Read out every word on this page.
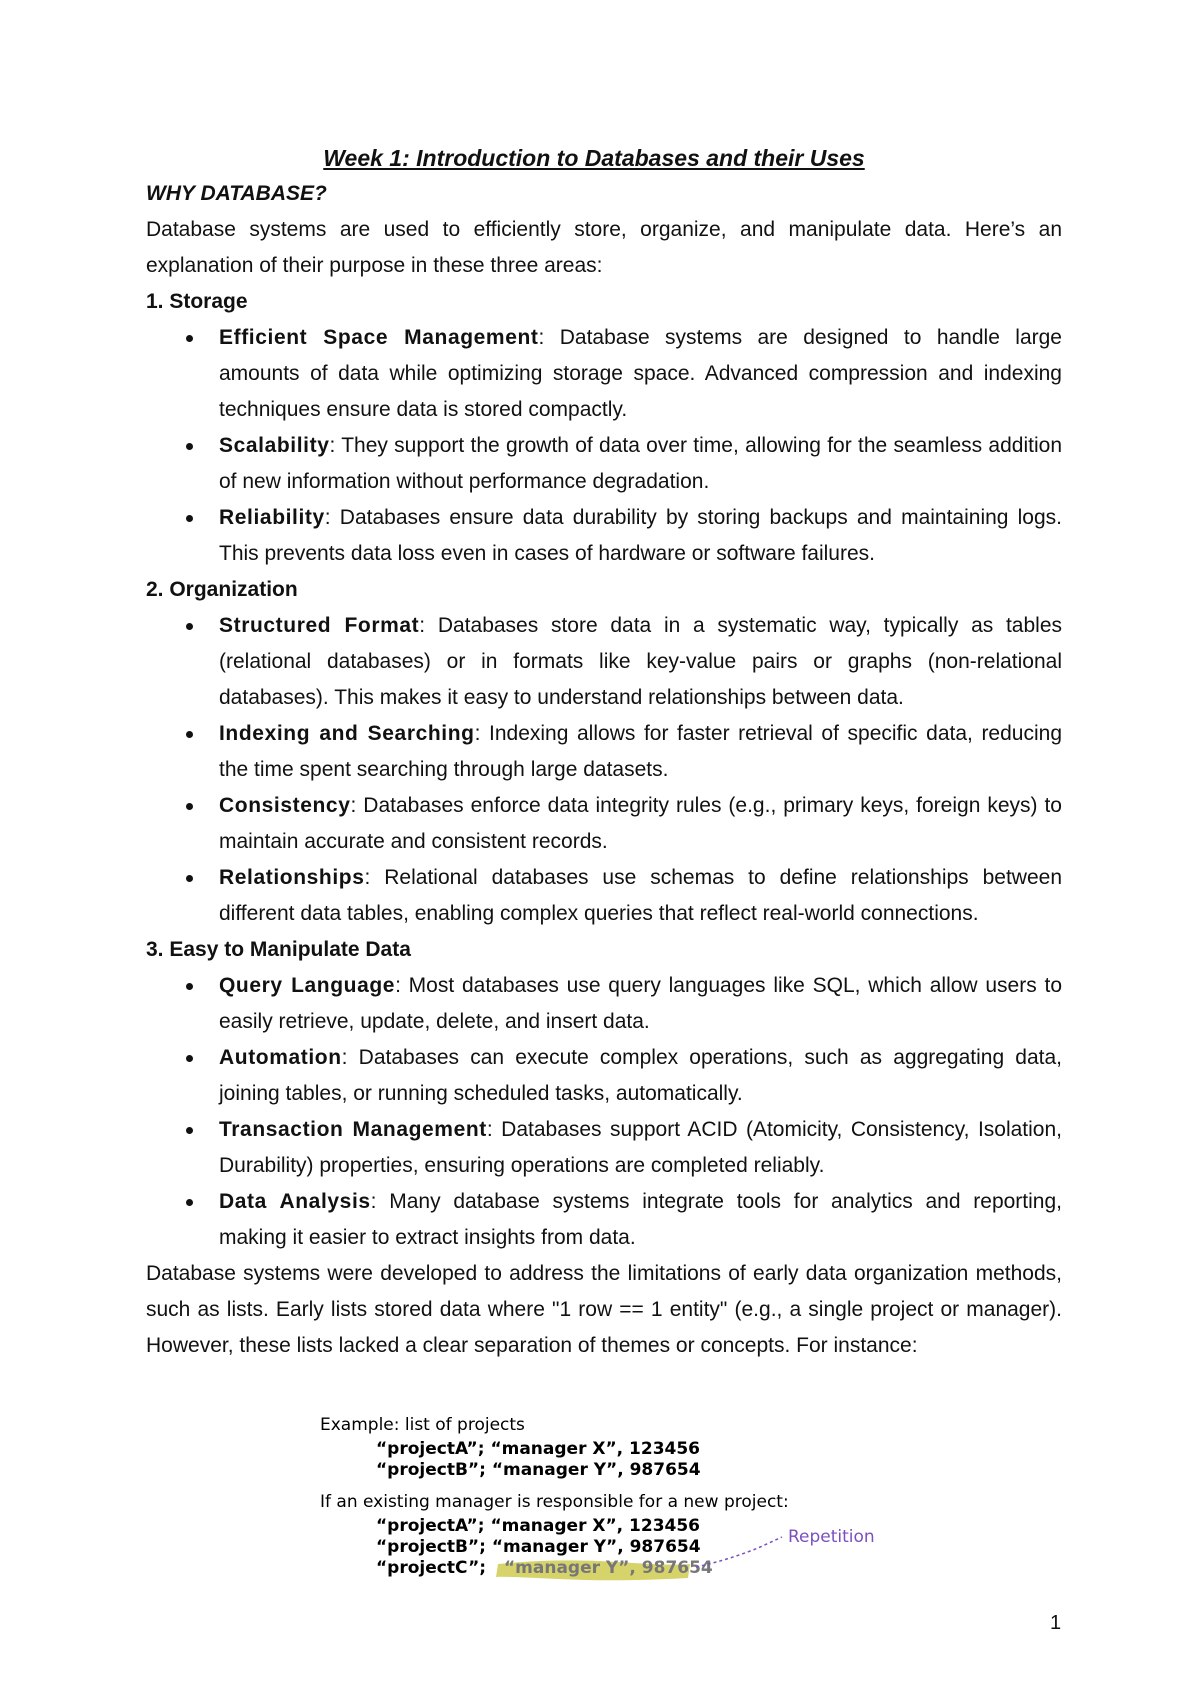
Week 1: Introduction to Databases and their Uses
WHY DATABASE?

Database systems are used to efficiently store, organize, and manipulate data. Here’s an explanation of their purpose in these three areas:

1. Storage
Efficient Space Management: Database systems are designed to handle large amounts of data while optimizing storage space. Advanced compression and indexing techniques ensure data is stored compactly.
Scalability: They support the growth of data over time, allowing for the seamless addition of new information without performance degradation.
Reliability: Databases ensure data durability by storing backups and maintaining logs. This prevents data loss even in cases of hardware or software failures.
2. Organization
Structured Format: Databases store data in a systematic way, typically as tables (relational databases) or in formats like key-value pairs or graphs (non-relational databases). This makes it easy to understand relationships between data.
Indexing and Searching: Indexing allows for faster retrieval of specific data, reducing the time spent searching through large datasets.
Consistency: Databases enforce data integrity rules (e.g., primary keys, foreign keys) to maintain accurate and consistent records.
Relationships: Relational databases use schemas to define relationships between different data tables, enabling complex queries that reflect real-world connections.
3. Easy to Manipulate Data
Query Language: Most databases use query languages like SQL, which allow users to easily retrieve, update, delete, and insert data.
Automation: Databases can execute complex operations, such as aggregating data, joining tables, or running scheduled tasks, automatically.
Transaction Management: Databases support ACID (Atomicity, Consistency, Isolation, Durability) properties, ensuring operations are completed reliably.
Data Analysis: Many database systems integrate tools for analytics and reporting, making it easier to extract insights from data.

Database systems were developed to address the limitations of early data organization methods, such as lists. Early lists stored data where "1 row == 1 entity" (e.g., a single project or manager). However, these lists lacked a clear separation of themes or concepts. For instance:

Example: list of projects
“projectA”; “manager X”, 123456
“projectB”; “manager Y”, 987654
If an existing manager is responsible for a new project:
“projectA”; “manager X”, 123456
“projectB”; “manager Y”, 987654
“projectC”; “manager Y”, 987654
Repetition
1
